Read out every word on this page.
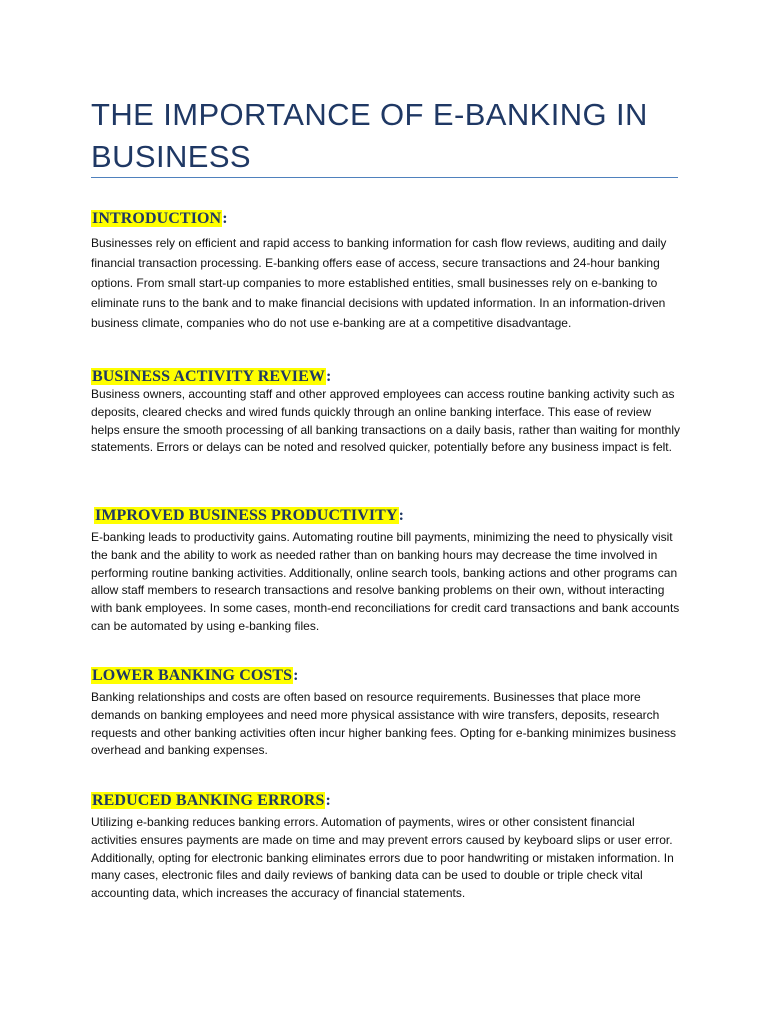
THE IMPORTANCE OF E-BANKING IN BUSINESS
INTRODUCTION:

Businesses rely on efficient and rapid access to banking information for cash flow reviews, auditing and daily financial transaction processing. E-banking offers ease of access, secure transactions and 24-hour banking options. From small start-up companies to more established entities, small businesses rely on e-banking to eliminate runs to the bank and to make financial decisions with updated information. In an information-driven business climate, companies who do not use e-banking are at a competitive disadvantage.

BUSINESS ACTIVITY REVIEW:

Business owners, accounting staff and other approved employees can access routine banking activity such as deposits, cleared checks and wired funds quickly through an online banking interface. This ease of review helps ensure the smooth processing of all banking transactions on a daily basis, rather than waiting for monthly statements. Errors or delays can be noted and resolved quicker, potentially before any business impact is felt.

IMPROVED BUSINESS PRODUCTIVITY:

E-banking leads to productivity gains. Automating routine bill payments, minimizing the need to physically visit the bank and the ability to work as needed rather than on banking hours may decrease the time involved in performing routine banking activities. Additionally, online search tools, banking actions and other programs can allow staff members to research transactions and resolve banking problems on their own, without interacting with bank employees. In some cases, month-end reconciliations for credit card transactions and bank accounts can be automated by using e-banking files.

LOWER BANKING COSTS:

Banking relationships and costs are often based on resource requirements. Businesses that place more demands on banking employees and need more physical assistance with wire transfers, deposits, research requests and other banking activities often incur higher banking fees. Opting for e-banking minimizes business overhead and banking expenses.

REDUCED BANKING ERRORS:

Utilizing e-banking reduces banking errors. Automation of payments, wires or other consistent financial activities ensures payments are made on time and may prevent errors caused by keyboard slips or user error. Additionally, opting for electronic banking eliminates errors due to poor handwriting or mistaken information. In many cases, electronic files and daily reviews of banking data can be used to double or triple check vital accounting data, which increases the accuracy of financial statements.
